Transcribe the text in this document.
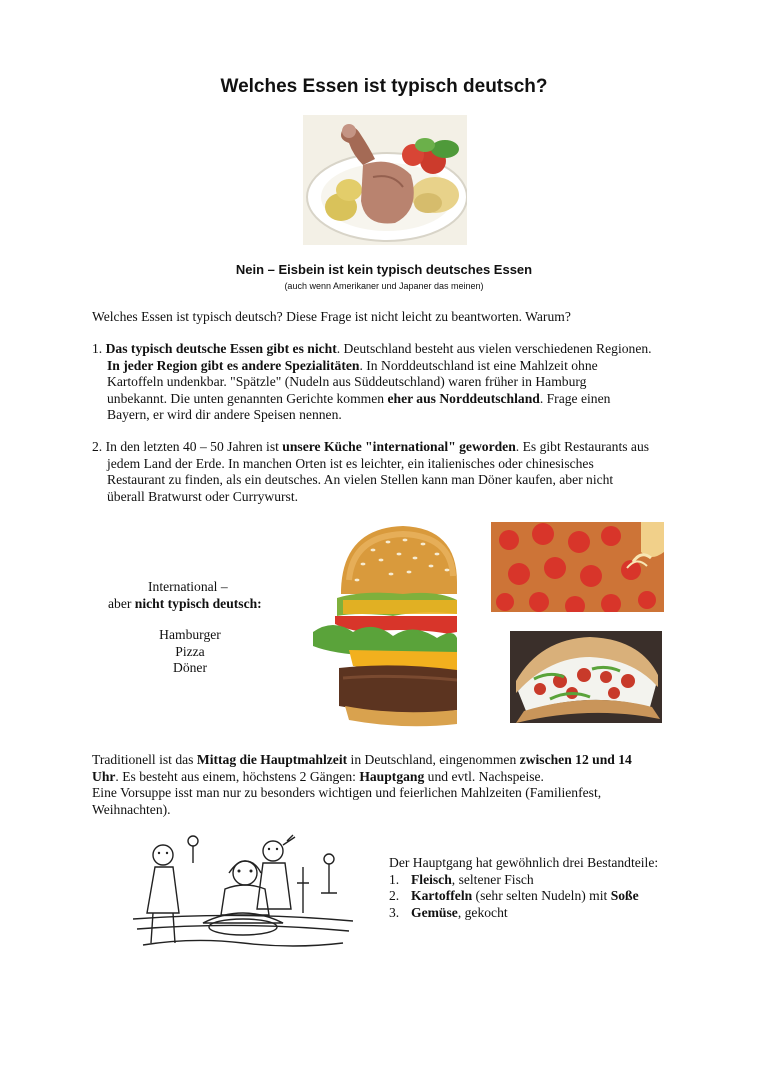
Welches Essen ist typisch deutsch?
Nein – Eisbein ist kein typisch deutsches Essen
(auch wenn Amerikaner und Japaner das meinen)

Welches Essen ist typisch deutsch? Diese Frage ist nicht leicht zu beantworten. Warum?

1. Das typisch deutsche Essen gibt es nicht. Deutschland besteht aus vielen verschiedenen Regionen.

In jeder Region gibt es andere Spezialitäten. In Norddeutschland ist eine Mahlzeit ohne

Kartoffeln undenkbar. "Spätzle" (Nudeln aus Süddeutschland) waren früher in Hamburg

unbekannt. Die unten genannten Gerichte kommen eher aus Norddeutschland. Frage einen

Bayern, er wird dir andere Speisen nennen.

2. In den letzten 40 – 50 Jahren ist unsere Küche "international" geworden. Es gibt Restaurants aus

jedem Land der Erde. In manchen Orten ist es leichter, ein italienisches oder chinesisches

Restaurant zu finden, als ein deutsches. An vielen Stellen kann man Döner kaufen, aber nicht

überall Bratwurst oder Currywurst.

International –

aber nicht typisch deutsch:

Hamburger

Pizza

Döner

Traditionell ist das Mittag die Hauptmahlzeit in Deutschland, eingenommen zwischen 12 und 14

Uhr. Es besteht aus einem, höchstens 2 Gängen: Hauptgang und evtl. Nachspeise.

Eine Vorsuppe isst man nur zu besonders wichtigen und feierlichen Mahlzeiten (Familienfest,

Weihnachten).

Der Hauptgang hat gewöhnlich drei Bestandteile:

1. Fleisch, seltener Fisch
2. Kartoffeln (sehr selten Nudeln) mit Soße
3. Gemüse, gekocht
